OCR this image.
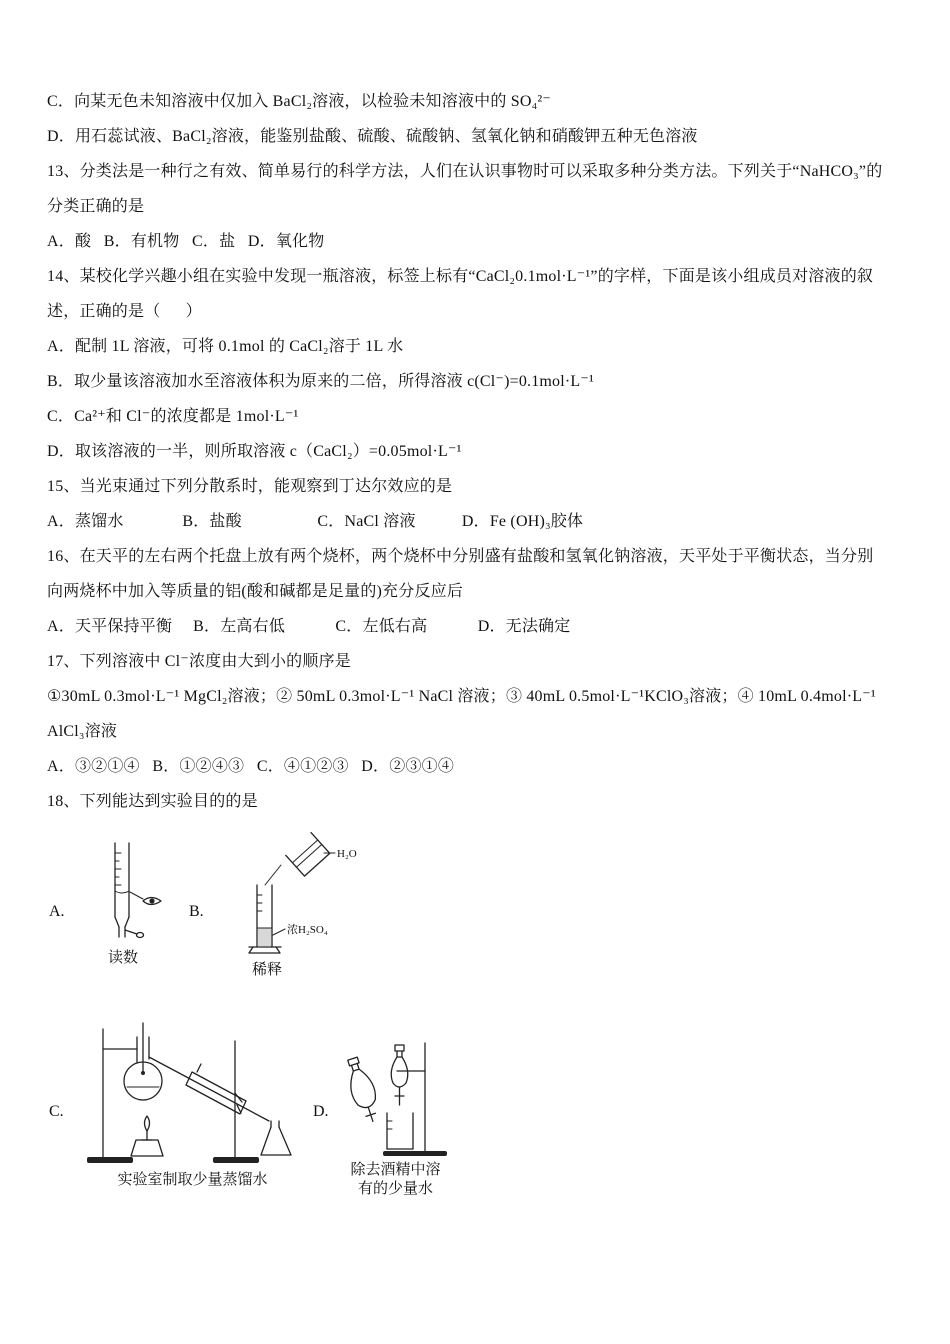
C．向某无色未知溶液中仅加入 BaCl₂溶液，以检验未知溶液中的 SO₄²⁻
D．用石蕊试液、BaCl₂溶液，能鉴别盐酸、硫酸、硫酸钠、氢氧化钠和硝酸钾五种无色溶液
13、分类法是一种行之有效、简单易行的科学方法，人们在认识事物时可以采取多种分类方法。下列关于“NaHCO₃”的
分类正确的是
A．酸   B．有机物   C．盐   D．氧化物
14、某校化学兴趣小组在实验中发现一瓶溶液，标签上标有“CaCl₂0.1mol·L⁻¹”的字样，下面是该小组成员对溶液的叙
述，正确的是（      ）
A．配制 1L 溶液，可将 0.1mol 的 CaCl₂溶于 1L 水
B．取少量该溶液加水至溶液体积为原来的二倍，所得溶液 c(Cl⁻)=0.1mol·L⁻¹
C．Ca²⁺和 Cl⁻的浓度都是 1mol·L⁻¹
D．取该溶液的一半，则所取溶液 c（CaCl₂）=0.05mol·L⁻¹
15、当光束通过下列分散系时，能观察到丁达尔效应的是
A．蒸馏水              B．盐酸                  C．NaCl 溶液           D．Fe (OH)₃胶体
16、在天平的左右两个托盘上放有两个烧杯，两个烧杯中分别盛有盐酸和氢氧化钠溶液，天平处于平衡状态，当分别
向两烧杯中加入等质量的铝(酸和碱都是足量的)充分反应后
A．天平保持平衡     B．左高右低            C．左低右高            D．无法确定
17、下列溶液中 Cl⁻浓度由大到小的顺序是
①30mL 0.3mol·L⁻¹ MgCl₂溶液；② 50mL 0.3mol·L⁻¹ NaCl 溶液；③ 40mL 0.5mol·L⁻¹KClO₃溶液；④ 10mL 0.4mol·L⁻¹
AlCl₃溶液
A．③②①④   B．①②④③   C．④①②③   D．②③①④
18、下列能达到实验目的的是
A.
读数
B.
H₂O
浓H₂SO₄
稀释
C.
实验室制取少量蒸馏水
D.
除去酒精中溶
有的少量水
